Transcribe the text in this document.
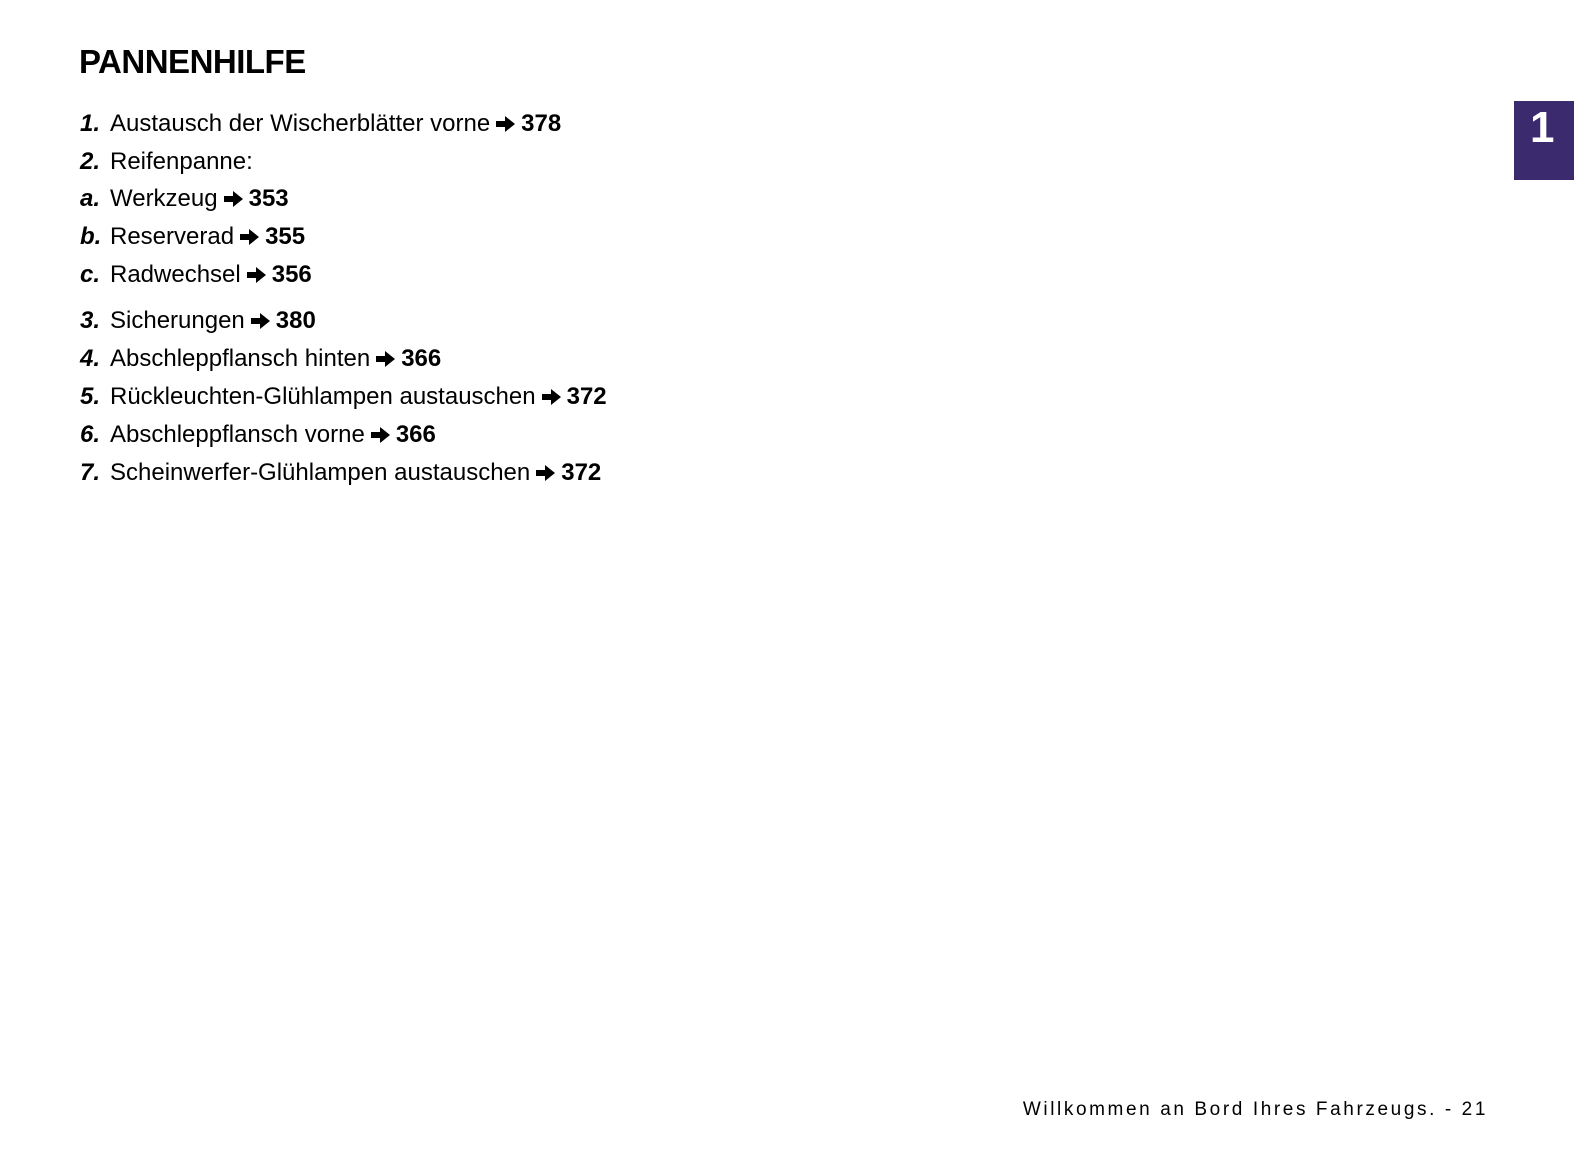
PANNENHILFE
1. Austausch der Wischerblätter vorne 378
2. Reifenpanne:
a. Werkzeug 353
b. Reserverad 355
c. Radwechsel 356
3. Sicherungen 380
4. Abschleppflansch hinten 366
5. Rückleuchten-Glühlampen austauschen 372
6. Abschleppflansch vorne 366
7. Scheinwerfer-Glühlampen austauschen 372
1
Willkommen an Bord Ihres Fahrzeugs. - 21
